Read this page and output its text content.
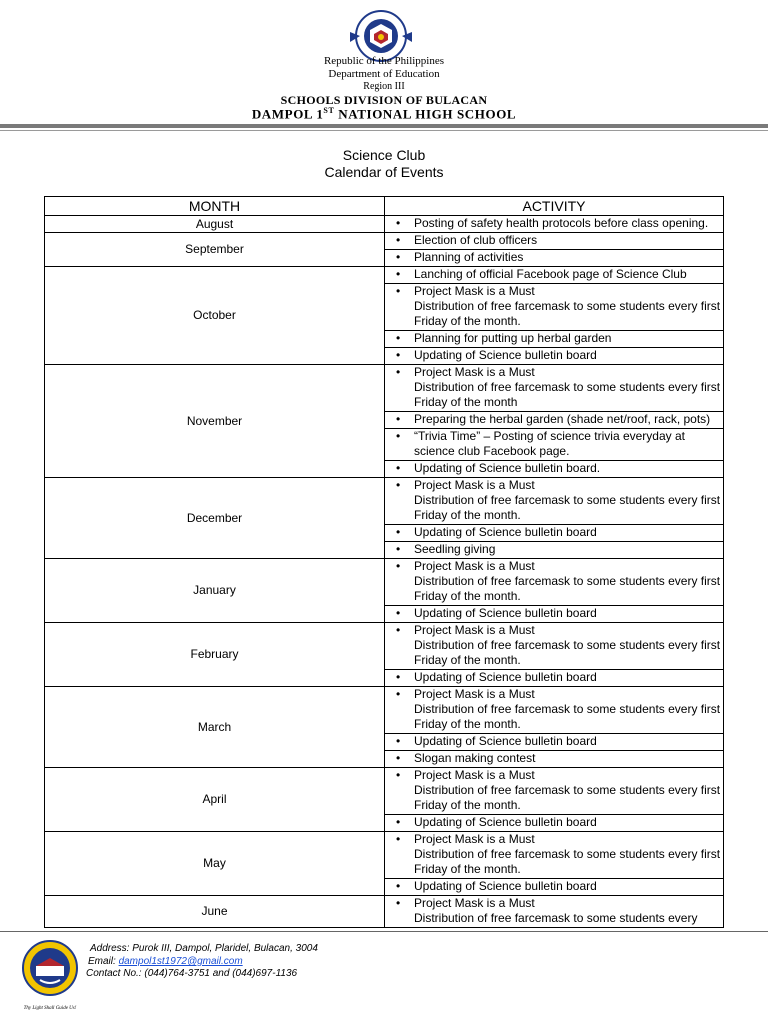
Republic of the Philippines
Department of Education
Region III
SCHOOLS DIVISION OF BULACAN
DAMPOL 1ST NATIONAL HIGH SCHOOL
Science Club
Calendar of Events
MONTH	ACTIVITY
August	• Posting of safety health protocols before class opening.

September	• Election of club officers

	• Planning of activities

October	• Lanching of official Facebook page of Science Club

	• Project Mask is a Must
Distribution of free farcemask to some students every first Friday of the month.

	• Planning for putting up herbal garden

	• Updating of Science bulletin board

November	• Project Mask is a Must
Distribution of free farcemask to some students every first Friday of the month

	• Preparing the herbal garden (shade net/roof, rack, pots)

	• “Trivia Time” – Posting of science trivia everyday at science club Facebook page.

	• Updating of Science bulletin board.

December	• Project Mask is a Must
Distribution of free farcemask to some students every first Friday of the month.

	• Updating of Science bulletin board

	• Seedling giving

January	• Project Mask is a Must
Distribution of free farcemask to some students every first Friday of the month.

	• Updating of Science bulletin board

February	• Project Mask is a Must
Distribution of free farcemask to some students every first Friday of the month.

	• Updating of Science bulletin board

March	• Project Mask is a Must
Distribution of free farcemask to some students every first Friday of the month.

	• Updating of Science bulletin board

	• Slogan making contest

April	• Project Mask is a Must
Distribution of free farcemask to some students every first Friday of the month.

	• Updating of Science bulletin board

May	• Project Mask is a Must
Distribution of free farcemask to some students every first Friday of the month.

	• Updating of Science bulletin board

June	• Project Mask is a Must
Distribution of free farcemask to some students every
Thy Light Shall Guide Us!
Address: Purok III, Dampol, Plaridel, Bulacan, 3004
Email: dampol1st1972@gmail.com
Contact No.: (044)764-3751 and (044)697-1136
